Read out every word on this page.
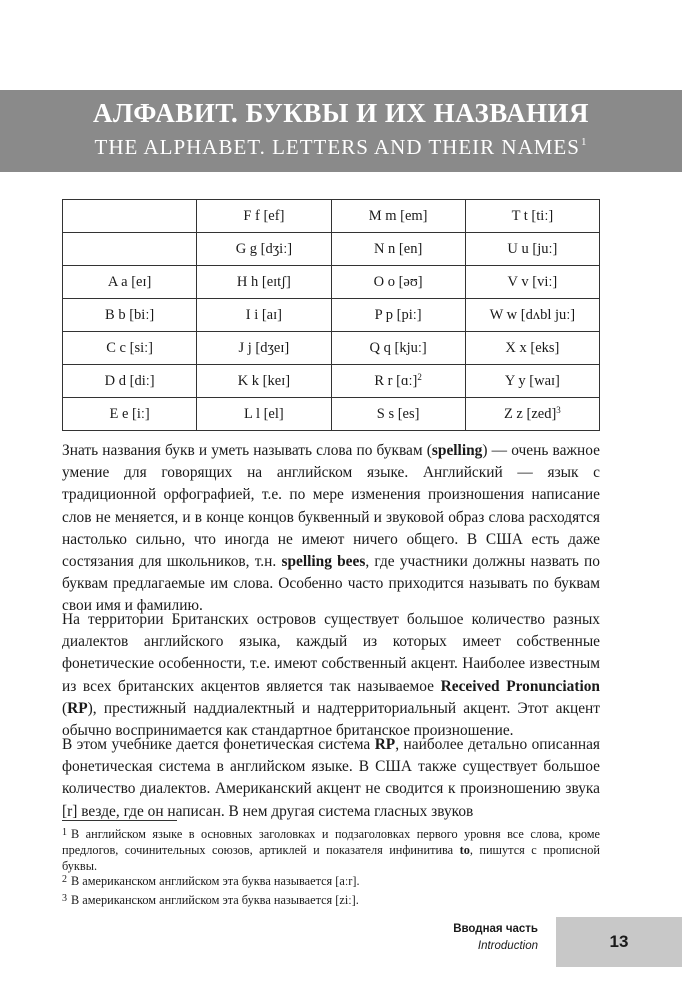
АЛФАВИТ. БУКВЫ И ИХ НАЗВАНИЯ
THE ALPHABET. LETTERS AND THEIR NAMES$^1$
	F f [ef]	M m [em]	T t [tiː]
	G g [dʒiː]	N n [en]	U u [juː]
A a [eɪ]	H h [eɪtʃ]	O o [əʊ]	V v [viː]
B b [biː]	I i [aɪ]	P p [piː]	W w [dʌbl juː]
C c [siː]	J j [dʒeɪ]	Q q [kjuː]	X x [eks]
D d [diː]	K k [keɪ]	R r [ɑː]$^2$	Y y [waɪ]
E e [iː]	L l [el]	S s [es]	Z z [zed]$^3$
Знать названия букв и уметь называть слова по буквам (spelling) — очень важное умение для говорящих на английском языке. Английский — язык с традиционной орфографией, т.е. по мере изменения произношения написание слов не меняется, и в конце концов буквенный и звуковой образ слова расходятся настолько сильно, что иногда не имеют ничего общего. В США есть даже состязания для школьников, т.н. spelling bees, где участники должны назвать по буквам предлагаемые им слова. Особенно часто приходится называть по буквам свои имя и фамилию.
На территории Британских островов существует большое количество разных диалектов английского языка, каждый из которых имеет собственные фонетические особенности, т.е. имеют собственный акцент. Наиболее известным из всех британских акцентов является так называемое Received Pronunciation (RP), престижный наддиалектный и надтерриториальный акцент. Этот акцент обычно воспринимается как стандартное британское произношение.
В этом учебнике дается фонетическая система RP, наиболее детально описанная фонетическая система в английском языке. В США также существует большое количество диалектов. Американский акцент не сводится к произношению звука [r] везде, где он написан. В нем другая система гласных звуков
$^1$ В английском языке в основных заголовках и подзаголовках первого уровня все слова, кроме предлогов, сочинительных союзов, артиклей и показателя инфинитива to, пишутся с прописной буквы.
$^2$ В американском английском эта буква называется [aːr].
$^3$ В американском английском эта буква называется [ziː].
Вводная часть
Introduction	13
